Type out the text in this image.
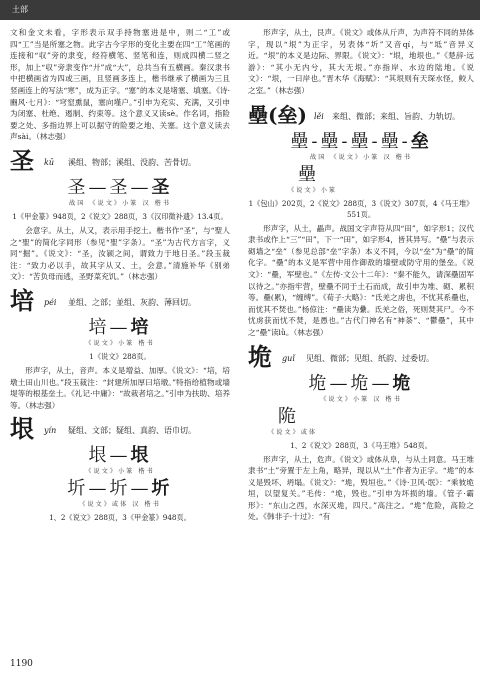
土部

文和金文未看，字形表示双手持物塞进是中，则二“工”或四“工”当是所塞之物。此字古今字形的变化主要在四“工”笔画的连接和“収”旁的隶变，经符横笔、竖笔和连，则成四横二竖之形，加上“収”旁隶变作“廾”成“大”，总共当有五横画。秦汉隶书中把横画省为四或三画，且竖画多连上，楷书继承了横画为三且竖画连上的写法“寒”，成为正字。“塞”的本义是堵塞、填塞。《诗·豳风·七月》：“穹窒熏鼠，塞向墐户。”引申为充实、充满，又引申为闭塞、杜绝、遏制、约束等。这个意义又读sè。作名词，指险要之处、多指边界上可以据守的险要之地、关塞。这个意义读去声sài。（林志强）

圣 kū 溪组、物部；溪组、没韵、苦骨切。
圣—圣—圣
战国 《说文》小篆 汉 楷书
1《甲金篆》948页，2《说文》288页，3《汉印徵补遗》13.4页。

会意字。从土，从又，表示用手挖土。楷书作“圣”，与“聖人之“聖”的简化字同形（参见“聖”字条）。“圣”为古代方言字，义同“掘”。《说文》：“圣，汝颍之间，谓致力于地日圣。”段玉裁注：“致力必以手，故其字从又、土，会意。”清施补华《别弟文》：“苦负母而逃，圣野菜充饥。”（林志强）

培 péi 並组、之部；並组、灰韵、薄回切。
培—培
《说文》小篆 楷书
1《说文》288页。

形声字，从土，音声。本义是增益、加厚。《说文》：“培，培墩土田山川也。”段玉裁注：“封建所加厚曰培墩。”特指给植物或墙堤等的根基垒土。《礼记·中庸》：“故栽者培之。”引申为扶助、培养等。（林志强）

垠 yín 疑组、文部；疑组、真韵、语巾切。
垠—垠
《说文》小篆 楷书
圻—圻—圻
《说文》或体 汉 楷书
1、2《说文》288页，3《甲金篆》948页。

形声字，从土，艮声。《说文》或体从斤声，为声符不同的异体字，现以“垠”为正字，另表体“圻”又音qí，与“坻”音异义近。“垠”的本义是边际、界限。《说文》：“垠，地垠也。”《楚辞·远游》：“其小无内兮，其大无垠。”亦指岸、水边的陆地。《说文》：“垠，一曰岸也。”晋木华《海赋》：“其垠则有天琛水怪，鲛人之室。”（林志强）

壘(垒) lěi 来组、微部；来组、旨韵、力轨切。
壘-壘-壘-壘-垒
战国 《说文》小篆 汉 楷书
壘
《说文》小篆
1《包山》202页，2《说文》288页，3《说文》307页，4《马王堆》551页。

形声字，从土，畾声。战国文字声符从四“田”，如字形1；汉代隶书或作上“三”“田”，下一“田”，如字形4，皆其异写。“壘”与表示砌墙之“垒”（参见总部“垒”字条）本义不同，今以“垒”为“壘”的简化字。“壘”的本义是军营中用作御敌的墙壁或防守用的堡垒。《说文》：“壘，军壁也。”《左传·文公十二年》：“秦不能久，请深壘固军以待之。”亦指牢营，壁壘不同于土石而成，故引申为堆、砌、累积等。壘(累)，“缠缚”。《荀子·大略》：“氐羌之虏也，不忧其系壘也，而忧其不焚也。”杨倞注：“壘读为纍。氐羌之俗，死则焚其尸。今不忧虏获而忧不焚，是愚也。”古代门神名有“神荼”、“鬱壘”，其中之“壘”读lǜ。（林志强）

垝 guǐ 见组、微部；见组、纸韵、过委切。
垝—垝—垝
《说文》小篆 汉 楷书
陒
《说文》或体
1、2《说文》288页，3《马王堆》548页。

形声字，从土，危声。《说文》或体从阜，与从土同意。马王堆隶书“土”旁置于左上角，略异，现以从“土”作者为正字。“垝”的本义是毁坏、坍塌。《说文》：“垝，毁垣也。”《诗·卫风·氓》：“乘彼垝垣，以望复关。”毛传：“垝，毁也。”引申为坏损的墙。《管子·霸形》：“东山之西，水深灭垝，四尺。”高注之。“垝”危险，高险之处。《韩非子·十过》：“有

1190
